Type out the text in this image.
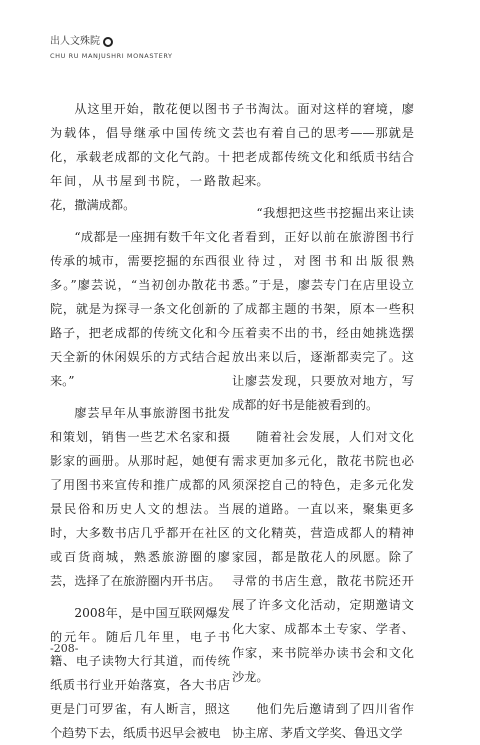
出人文殊院
CHU RU MANJUSHRI MONASTERY

从这里开始，散花便以图书为载体，倡导继承中国传统文化，承载老成都的文化气韵。十年间，从书屋到书院，一路散花，撒满成都。

“成都是一座拥有数千年文化传承的城市，需要挖掘的东西很多。”廖芸说，“当初创办散花书院，就是为探寻一条文化创新的路子，把老成都的传统文化和今天全新的休闲娱乐的方式结合起来。”

廖芸早年从事旅游图书批发和策划，销售一些艺术名家和摄影家的画册。从那时起，她便有了用图书来宣传和推广成都的风景民俗和历史人文的想法。当时，大多数书店几乎都开在社区或百货商城，熟悉旅游圈的廖芸，选择了在旅游圈内开书店。

2008年，是中国互联网爆发的元年。随后几年里，电子书籍、电子读物大行其道，而传统纸质书行业开始落寞，各大书店更是门可罗雀，有人断言，照这个趋势下去，纸质书迟早会被电

子书淘汰。面对这样的窘境，廖芸也有着自己的思考——那就是把老成都传统文化和纸质书结合起来。

“我想把这些书挖掘出来让读者看到，正好以前在旅游图书行业待过，对图书和出版很熟悉。”于是，廖芸专门在店里设立了成都主题的书架，原本一些积压着卖不出的书，经由她挑选摆放出来以后，逐渐都卖完了。这让廖芸发现，只要放对地方，写成都的好书是能被看到的。

随着社会发展，人们对文化需求更加多元化，散花书院也必须深挖自己的特色，走多元化发展的道路。一直以来，聚集更多的文化精英，营造成都人的精神家园，都是散花人的夙愿。除了寻常的书店生意，散花书院还开展了许多文化活动，定期邀请文化大家、成都本土专家、学者、作家，来书院举办读书会和文化沙龙。

他们先后邀请到了四川省作协主席、茅盾文学奖、鲁迅文学

-208-
